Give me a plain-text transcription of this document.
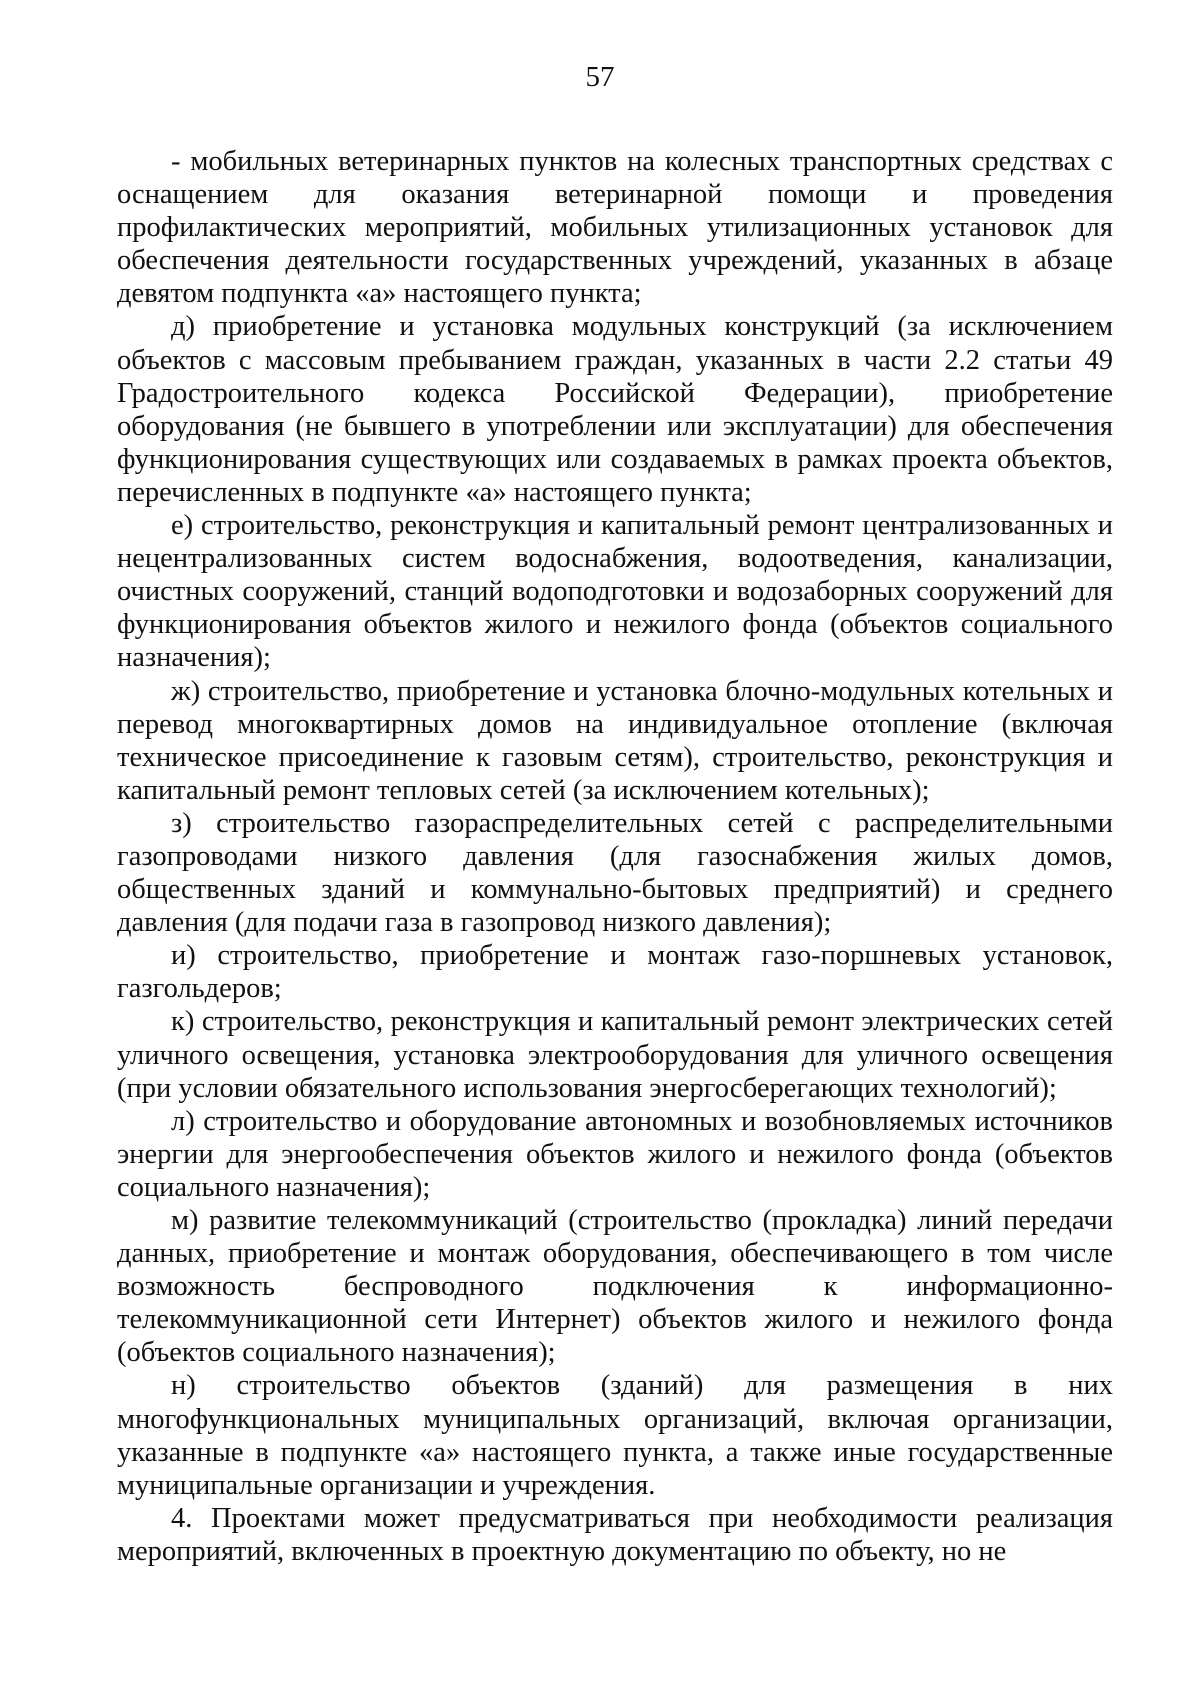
57

- мобильных ветеринарных пунктов на колесных транспортных средствах с оснащением для оказания ветеринарной помощи и проведения профилактических мероприятий, мобильных утилизационных установок для обеспечения деятельности государственных учреждений, указанных в абзаце девятом подпункта «а» настоящего пункта;

д) приобретение и установка модульных конструкций (за исключением объектов с массовым пребыванием граждан, указанных в части 2.2 статьи 49 Градостроительного кодекса Российской Федерации), приобретение оборудования (не бывшего в употреблении или эксплуатации) для обеспечения функционирования существующих или создаваемых в рамках проекта объектов, перечисленных в подпункте «а» настоящего пункта;

е) строительство, реконструкция и капитальный ремонт централизованных и нецентрализованных систем водоснабжения, водоотведения, канализации, очистных сооружений, станций водоподготовки и водозаборных сооружений для функционирования объектов жилого и нежилого фонда (объектов социального назначения);

ж) строительство, приобретение и установка блочно-модульных котельных и перевод многоквартирных домов на индивидуальное отопление (включая техническое присоединение к газовым сетям), строительство, реконструкция и капитальный ремонт тепловых сетей (за исключением котельных);

з) строительство газораспределительных сетей с распределительными газопроводами низкого давления (для газоснабжения жилых домов, общественных зданий и коммунально-бытовых предприятий) и среднего давления (для подачи газа в газопровод низкого давления);

и) строительство, приобретение и монтаж газо-поршневых установок, газгольдеров;

к) строительство, реконструкция и капитальный ремонт электрических сетей уличного освещения, установка электрооборудования для уличного освещения (при условии обязательного использования энергосберегающих технологий);

л) строительство и оборудование автономных и возобновляемых источников энергии для энергообеспечения объектов жилого и нежилого фонда (объектов социального назначения);

м) развитие телекоммуникаций (строительство (прокладка) линий передачи данных, приобретение и монтаж оборудования, обеспечивающего в том числе возможность беспроводного подключения к информационно-телекоммуникационной сети Интернет) объектов жилого и нежилого фонда (объектов социального назначения);

н) строительство объектов (зданий) для размещения в них многофункциональных муниципальных организаций, включая организации, указанные в подпункте «а» настоящего пункта, а также иные государственные муниципальные организации и учреждения.

4. Проектами может предусматриваться при необходимости реализация мероприятий, включенных в проектную документацию по объекту, но не
